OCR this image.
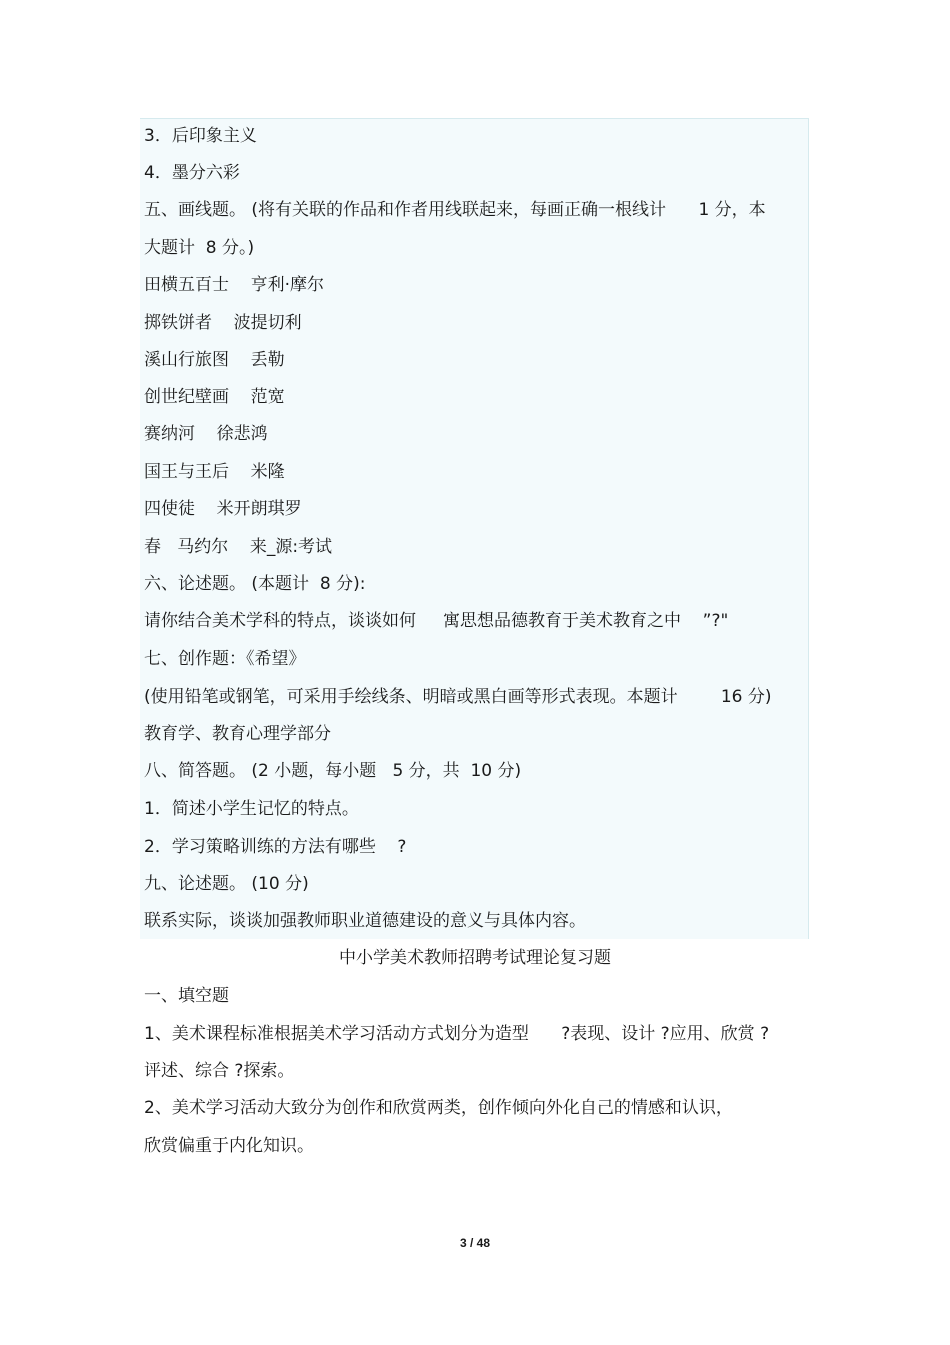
3．后印象主义
4．墨分六彩
五、画线题。 (将有关联的作品和作者用线联起来，每画正确一根线计      1 分，本
大题计  8 分。)
田横五百士    亨利·摩尔
掷铁饼者    波提切利
溪山行旅图    丢勒
创世纪壁画    范宽
赛纳河    徐悲鸿
国王与王后    米隆
四使徒    米开朗琪罗
春   马约尔    来_源:考试
六、论述题。 (本题计  8 分):
请你结合美术学科的特点，谈谈如何     寓思想品德教育于美术教育之中    ”?"
七、创作题：《希望》
(使用铅笔或钢笔，可采用手绘线条、明暗或黑白画等形式表现。本题计        16 分)
教育学、教育心理学部分
八、简答题。 (2 小题，每小题   5 分，共  10 分)
1．简述小学生记忆的特点。
2．学习策略训练的方法有哪些    ?
九、论述题。 (10 分)
联系实际，谈谈加强教师职业道德建设的意义与具体内容。
中小学美术教师招聘考试理论复习题
一、填空题
1、美术课程标准根据美术学习活动方式划分为造型      ?表现、设计 ?应用、欣赏 ?
评述、综合 ?探索。
2、美术学习活动大致分为创作和欣赏两类，创作倾向外化自己的情感和认识，
欣赏偏重于内化知识。
3 / 48
